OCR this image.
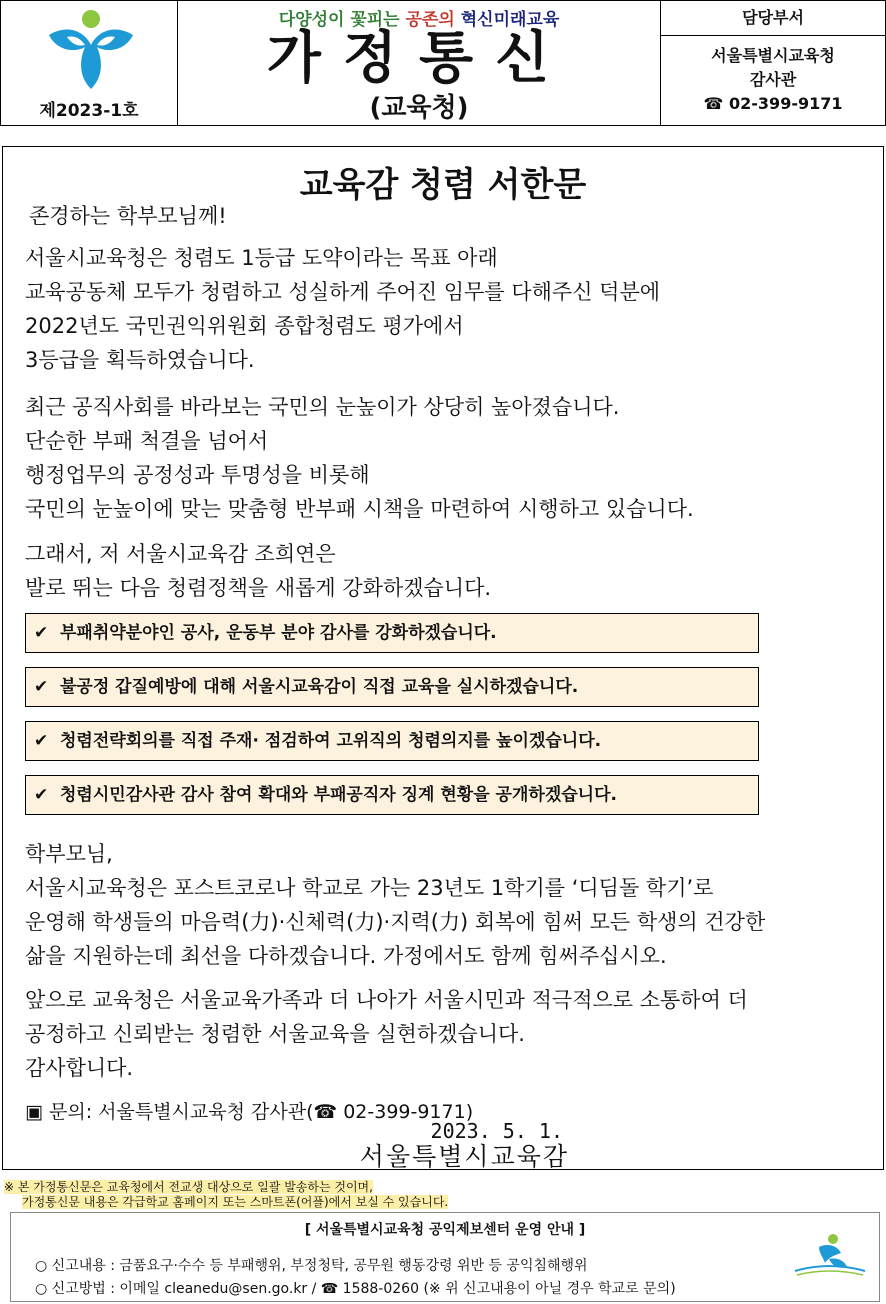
제2023-1호
다양성이 꽃피는 공존의 혁신미래교육
가정통신
(교육청)
담당부서
서울특별시교육청
감사관
☎ 02-399-9171
교육감 청렴 서한문
존경하는 학부모님께!
서울시교육청은 청렴도 1등급 도약이라는 목표 아래
교육공동체 모두가 청렴하고 성실하게 주어진 임무를 다해주신 덕분에
2022년도 국민권익위원회 종합청렴도 평가에서
3등급을 획득하였습니다.
최근 공직사회를 바라보는 국민의 눈높이가 상당히 높아졌습니다.
단순한 부패 척결을 넘어서
행정업무의 공정성과 투명성을 비롯해
국민의 눈높이에 맞는 맞춤형 반부패 시책을 마련하여 시행하고 있습니다.
그래서, 저 서울시교육감 조희연은
발로 뛰는 다음 청렴정책을 새롭게 강화하겠습니다.
✔ 부패취약분야인 공사, 운동부 분야 감사를 강화하겠습니다.
✔ 불공정 갑질예방에 대해 서울시교육감이 직접 교육을 실시하겠습니다.
✔ 청렴전략회의를 직접 주재· 점검하여 고위직의 청렴의지를 높이겠습니다.
✔ 청렴시민감사관 감사 참여 확대와 부패공직자 징계 현황을 공개하겠습니다.
학부모님,
서울시교육청은 포스트코로나 학교로 가는 23년도 1학기를 ‘디딤돌 학기’로
운영해 학생들의 마음력(力)·신체력(力)·지력(力) 회복에 힘써 모든 학생의 건강한
삶을 지원하는데 최선을 다하겠습니다. 가정에서도 함께 힘써주십시오.
앞으로 교육청은 서울교육가족과 더 나아가 서울시민과 적극적으로 소통하여 더
공정하고 신뢰받는 청렴한 서울교육을 실현하겠습니다.
감사합니다.
▣ 문의: 서울특별시교육청 감사관(☎ 02-399-9171)
2023. 5. 1.
서울특별시교육감
※ 본 가정통신문은 교육청에서 전교생 대상으로 일괄 발송하는 것이며,
가정통신문 내용은 각급학교 홈페이지 또는 스마트폰(어플)에서 보실 수 있습니다.
[ 서울특별시교육청 공익제보센터 운영 안내 ]
○ 신고내용 : 금품요구·수수 등 부패행위, 부정청탁, 공무원 행동강령 위반 등 공익침해행위
○ 신고방법 : 이메일 cleanedu@sen.go.kr / ☎ 1588-0260 (※ 위 신고내용이 아닐 경우 학교로 문의)
